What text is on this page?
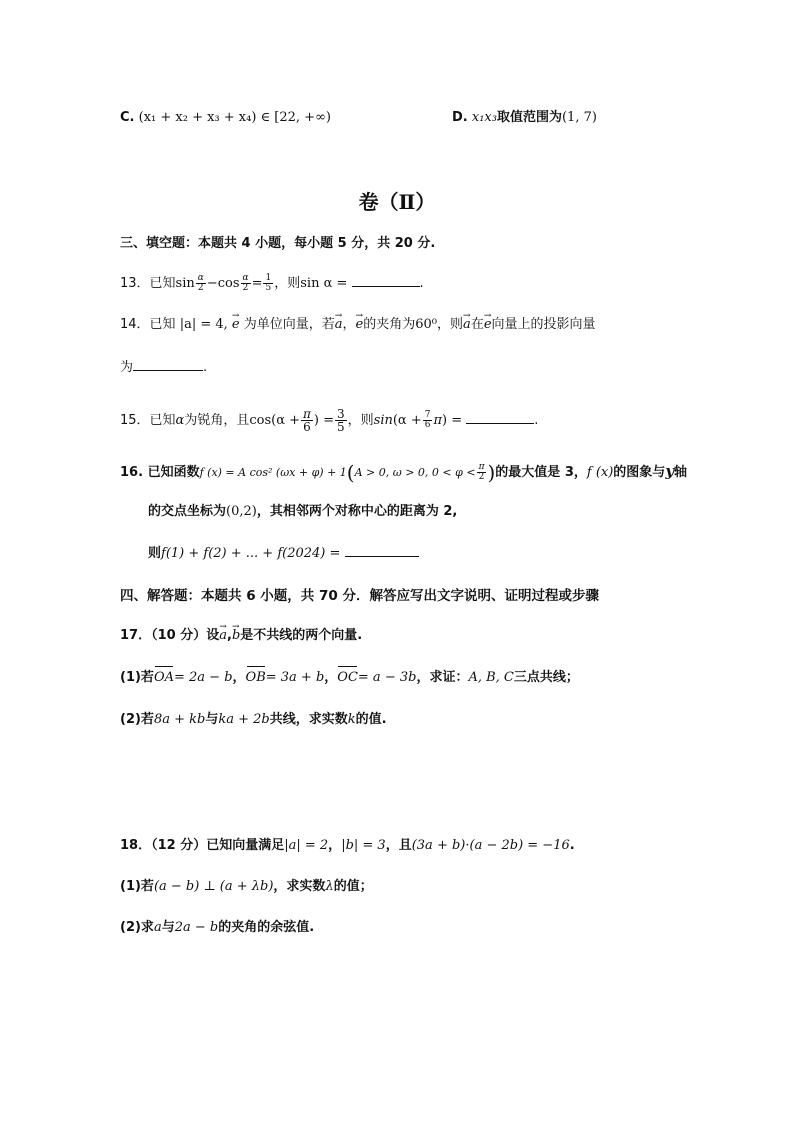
C. (x₁ + x₂ + x₃ + x₄) ∈ [22, +∞)	D. x₁x₃取值范围为(1, 7)
卷（Ⅱ）
三、填空题：本题共 4 小题，每小题 5 分，共 20 分.
13．已知$\sin \frac{\alpha}{2} -\cos \frac{\alpha}{2} = \frac{1}{5}$ ，则sin α =	.
14．已知 |a| = 4, → e 为单位向量，若→ a，→ e的夹角为60⁰，则→ a在→ e向量上的投影向量
为	.
15．已知α为锐角，且$\cos(\alpha + \frac{\pi}{6}$ ) = $\frac{3}{5}$ ，则$\sin(\alpha + \frac{7}{6} \pi)$ =	.
16. 已知函数f (x) = A cos² (ωx + φ) + 1(A > 0, ω > 0, $0 < \varphi < \frac{\pi}{2}$ )的最大值是 3，f (x)的图象与y轴
的交点坐标为(0,2)，其相邻两个对称中心的距离为 2,
则f(1) + f(2) + ... + f(2024) =
四、解答题：本题共 6 小题，共 70 分．解答应写出文字说明、证明过程或步骤
17．（10 分）设→ a,→ b是不共线的两个向量.
(1)若OA= 2a − b，OB= 3a + b，OC= a − 3b，求证：A, B, C三点共线；
(2)若8a + kb与ka + 2b共线，求实数k的值.
18．（12 分）已知向量满足|a| = 2，|b| = 3，且(3a + b)·(a − 2b) = −16.
(1)若(a − b) ⊥ (a + λb)，求实数λ的值；
(2)求a与2a − b的夹角的余弦值.
